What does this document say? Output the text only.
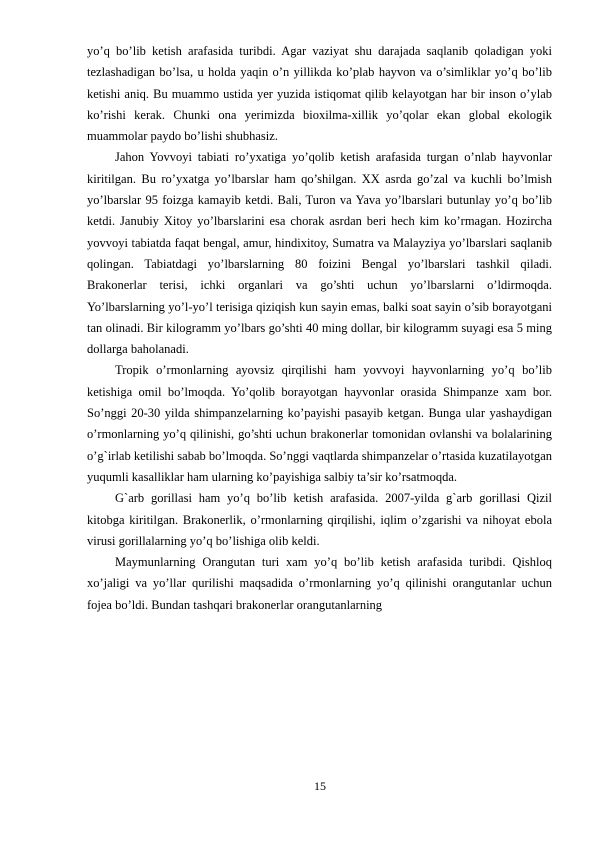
yo’q bo’lib ketish arafasida turibdi. Agar vaziyat shu darajada saqlanib qoladigan yoki tezlashadigan bo’lsa, u holda yaqin o’n yillikda ko’plab hayvon va o’simliklar yo’q bo’lib ketishi aniq. Bu muammo ustida yer yuzida istiqomat qilib kelayotgan har bir inson o’ylab ko’rishi kerak. Chunki ona yerimizda bioxilma-xillik yo’qolar ekan global ekologik muammolar paydo bo’lishi shubhasiz.

Jahon Yovvoyi tabiati ro’yxatiga yo’qolib ketish arafasida turgan o’nlab hayvonlar kiritilgan. Bu ro’yxatga yo’lbarslar ham qo’shilgan. XX asrda go’zal va kuchli bo’lmish yo’lbarslar 95 foizga kamayib ketdi. Bali, Turon va Yava yo’lbarslari butunlay yo’q bo’lib ketdi. Janubiy Xitoy yo’lbarslarini esa chorak asrdan beri hech kim ko’rmagan. Hozircha yovvoyi tabiatda faqat bengal, amur, hindixitoy, Sumatra va Malayziya yo’lbarslari saqlanib qolingan. Tabiatdagi yo’lbarslarning 80 foizini Bengal yo’lbarslari tashkil qiladi. Brakonerlar terisi, ichki organlari va go’shti uchun yo’lbarslarni o’ldirmoqda. Yo’lbarslarning yo’l-yo’l terisiga qiziqish kun sayin emas, balki soat sayin o’sib borayotgani tan olinadi. Bir kilogramm yo’lbars go’shti 40 ming dollar, bir kilogramm suyagi esa 5 ming dollarga baholanadi.

Tropik o’rmonlarning ayovsiz qirqilishi ham yovvoyi hayvonlarning yo’q bo’lib ketishiga omil bo’lmoqda. Yo’qolib borayotgan hayvonlar orasida Shimpanze xam bor. So’nggi 20-30 yilda shimpanzelarning ko’payishi pasayib ketgan. Bunga ular yashaydigan o’rmonlarning yo’q qilinishi, go’shti uchun brakonerlar tomonidan ovlanshi va bolalarining o’g`irlab ketilishi sabab bo’lmoqda. So’nggi vaqtlarda shimpanzelar o’rtasida kuzatilayotgan yuqumli kasalliklar ham ularning ko’payishiga salbiy ta’sir ko’rsatmoqda.

G`arb gorillasi ham yo’q bo’lib ketish arafasida. 2007-yilda g`arb gorillasi Qizil kitobga kiritilgan. Brakonerlik, o’rmonlarning qirqilishi, iqlim o’zgarishi va nihoyat ebola virusi gorillalarning yo’q bo’lishiga olib keldi.

Maymunlarning Orangutan turi xam yo’q bo’lib ketish arafasida turibdi. Qishloq xo’jaligi va yo’llar qurilishi maqsadida o’rmonlarning yo’q qilinishi orangutanlar uchun fojea bo’ldi. Bundan tashqari brakonerlar orangutanlarning

15
